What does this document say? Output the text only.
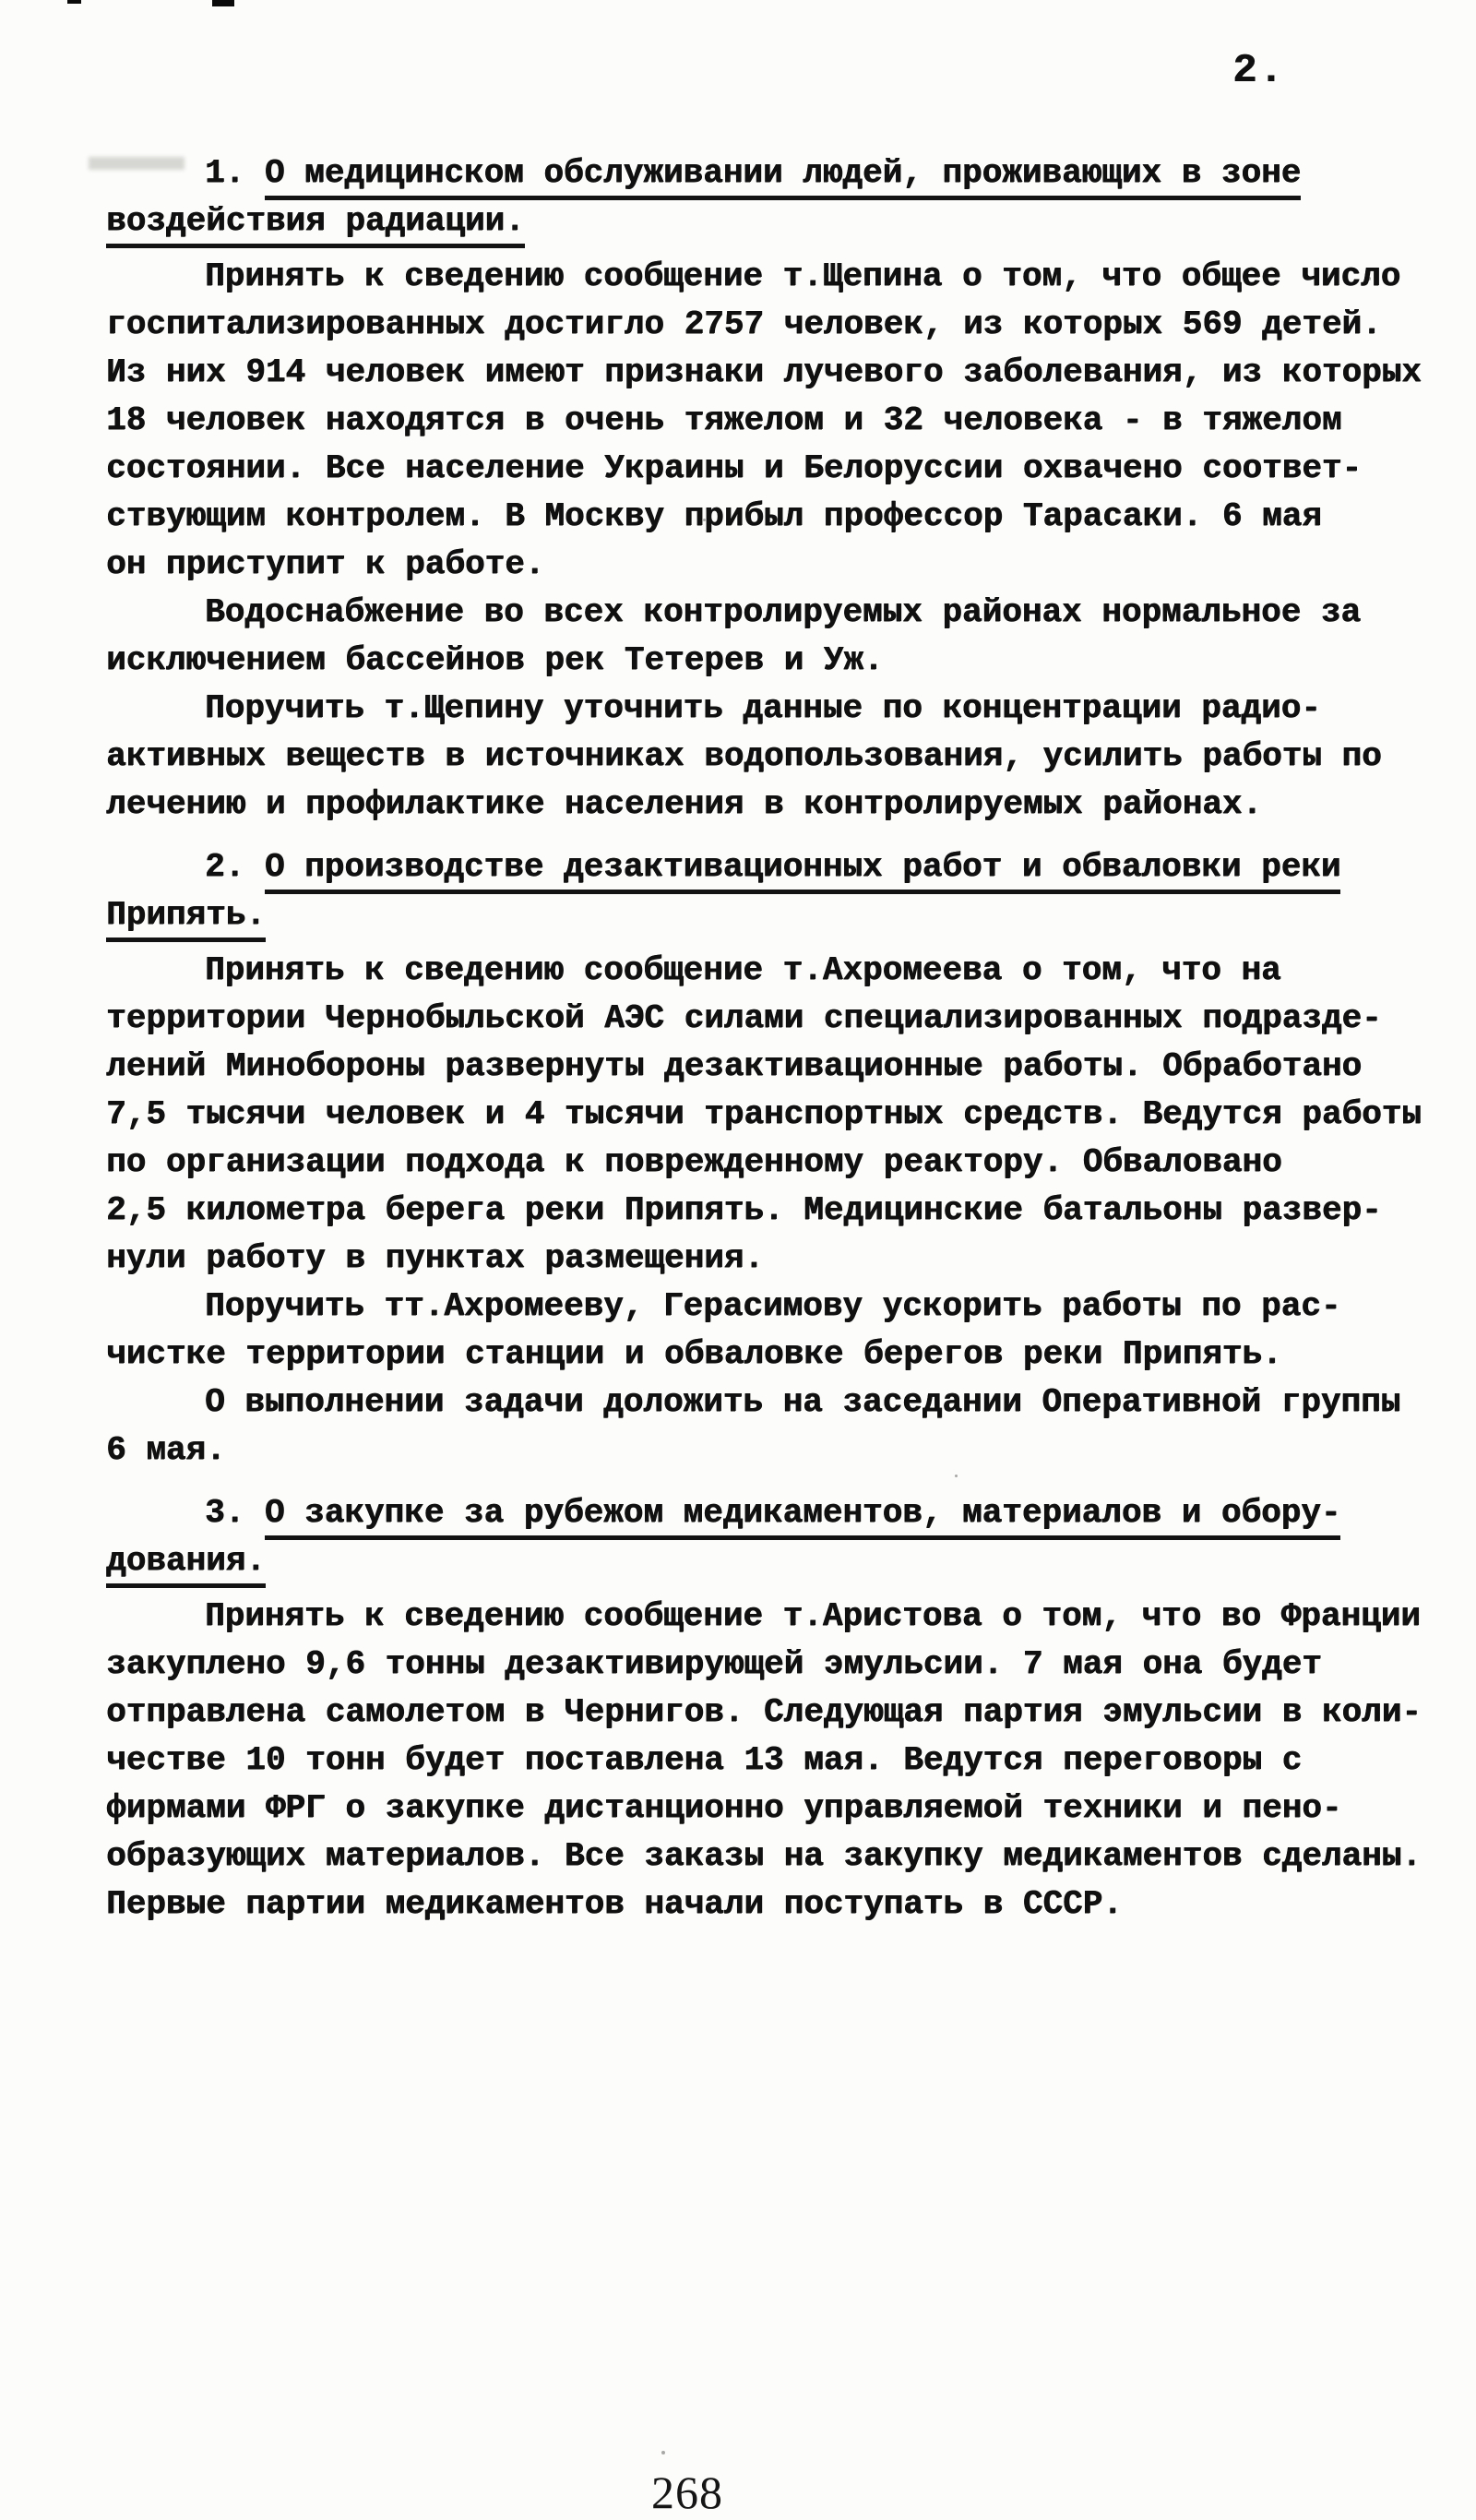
2.
1. О медицинском обслуживании людей, проживающих в зоне
воздействия радиации.
Принять к сведению сообщение т.Щепина о том, что общее число
госпитализированных достигло 2757 человек, из которых 569 детей.
Из них 914 человек имеют признаки лучевого заболевания, из которых
18 человек находятся в очень тяжелом и 32 человека - в тяжелом
состоянии. Все население Украины и Белоруссии охвачено соответ-
ствующим контролем. В Москву прибыл профессор Тарасаки. 6 мая
он приступит к работе.
Водоснабжение во всех контролируемых районах нормальное за
исключением бассейнов рек Тетерев и Уж.
Поручить т.Щепину уточнить данные по концентрации радио-
активных веществ в источниках водопользования, усилить работы по
лечению и профилактике населения в контролируемых районах.
2. О производстве дезактивационных работ и обваловки реки
Припять.
Принять к сведению сообщение т.Ахромеева о том, что на
территории Чернобыльской АЭС силами специализированных подразде-
лений Минобороны развернуты дезактивационные работы. Обработано
7,5 тысячи человек и 4 тысячи транспортных средств. Ведутся работы
по организации подхода к поврежденному реактору. Обваловано
2,5 километра берега реки Припять. Медицинские батальоны развер-
нули работу в пунктах размещения.
Поручить тт.Ахромееву, Герасимову ускорить работы по рас-
чистке территории станции и обваловке берегов реки Припять.
О выполнении задачи доложить на заседании Оперативной группы
6 мая.
3. О закупке за рубежом медикаментов, материалов и обору-
дования.
Принять к сведению сообщение т.Аристова о том, что во Франции
закуплено 9,6 тонны дезактивирующей эмульсии. 7 мая она будет
отправлена самолетом в Чернигов. Следующая партия эмульсии в коли-
честве 10 тонн будет поставлена 13 мая. Ведутся переговоры с
фирмами ФРГ о закупке дистанционно управляемой техники и пено-
образующих материалов. Все заказы на закупку медикаментов сделаны.
Первые партии медикаментов начали поступать в СССР.
268
